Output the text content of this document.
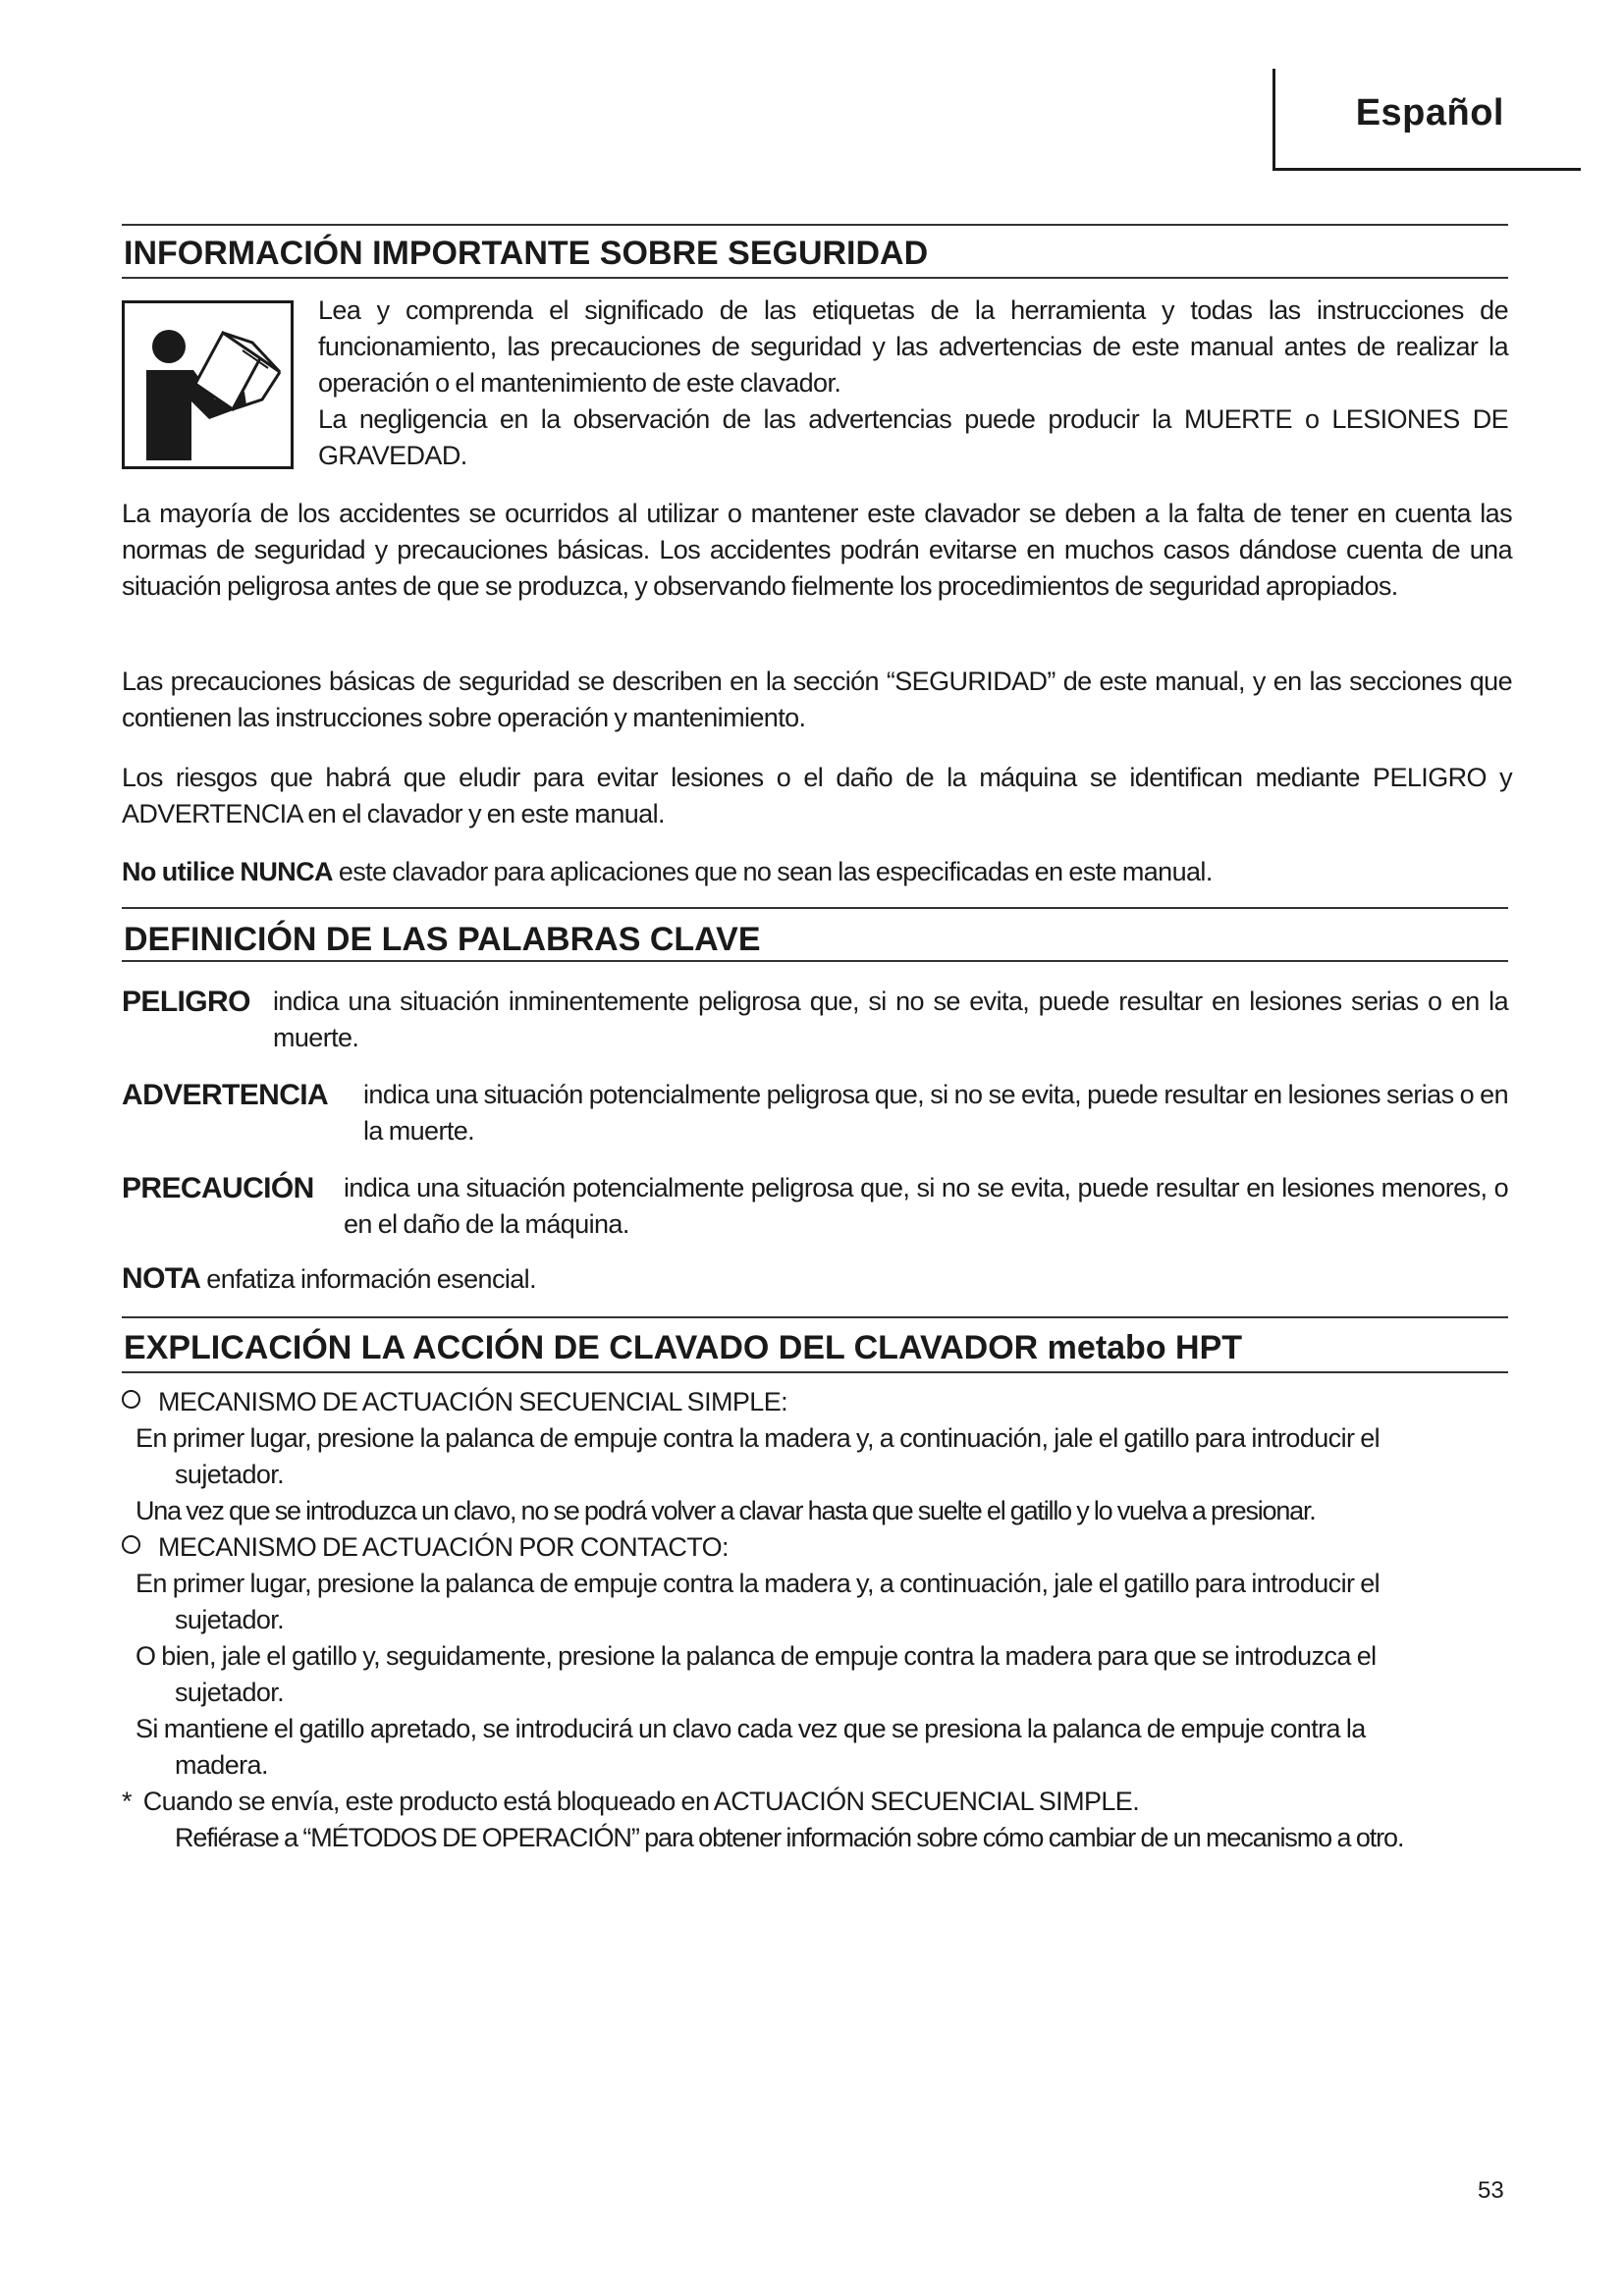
Español
INFORMACIÓN IMPORTANTE SOBRE SEGURIDAD

Lea y comprenda el significado de las etiquetas de la herramienta y todas las instrucciones de funcionamiento, las precauciones de seguridad y las advertencias de este manual antes de realizar la operación o el mantenimiento de este clavador.

La negligencia en la observación de las advertencias puede producir la MUERTE o LESIONES DE GRAVEDAD.

La mayoría de los accidentes se ocurridos al utilizar o mantener este clavador se deben a la falta de tener en cuenta las normas de seguridad y precauciones básicas. Los accidentes podrán evitarse en muchos casos dándose cuenta de una situación peligrosa antes de que se produzca, y observando fielmente los procedimientos de seguridad apropiados.
Las precauciones básicas de seguridad se describen en la sección “SEGURIDAD” de este manual, y en las secciones que contienen las instrucciones sobre operación y mantenimiento.
Los riesgos que habrá que eludir para evitar lesiones o el daño de la máquina se identifican mediante PELIGRO y ADVERTENCIA en el clavador y en este manual.
No utilice NUNCA este clavador para aplicaciones que no sean las especificadas en este manual.
DEFINICIÓN DE LAS PALABRAS CLAVE
PELIGRO indica una situación inminentemente peligrosa que, si no se evita, puede resultar en lesiones serias o en la muerte.
ADVERTENCIA indica una situación potencialmente peligrosa que, si no se evita, puede resultar en lesiones serias o en la muerte.
PRECAUCIÓN indica una situación potencialmente peligrosa que, si no se evita, puede resultar en lesiones menores, o en el daño de la máquina.
NOTA enfatiza información esencial.
EXPLICACIÓN LA ACCIÓN DE CLAVADO DEL CLAVADOR metabo HPT
MECANISMO DE ACTUACIÓN SECUENCIAL SIMPLE:
En primer lugar, presione la palanca de empuje contra la madera y, a continuación, jale el gatillo para introducir el
sujetador.
Una vez que se introduzca un clavo, no se podrá volver a clavar hasta que suelte el gatillo y lo vuelva a presionar.
MECANISMO DE ACTUACIÓN POR CONTACTO:
En primer lugar, presione la palanca de empuje contra la madera y, a continuación, jale el gatillo para introducir el
sujetador.
O bien, jale el gatillo y, seguidamente, presione la palanca de empuje contra la madera para que se introduzca el
sujetador.
Si mantiene el gatillo apretado, se introducirá un clavo cada vez que se presiona la palanca de empuje contra la
madera.
* Cuando se envía, este producto está bloqueado en ACTUACIÓN SECUENCIAL SIMPLE.
Refiérase a “MÉTODOS DE OPERACIÓN” para obtener información sobre cómo cambiar de un mecanismo a otro.
53
